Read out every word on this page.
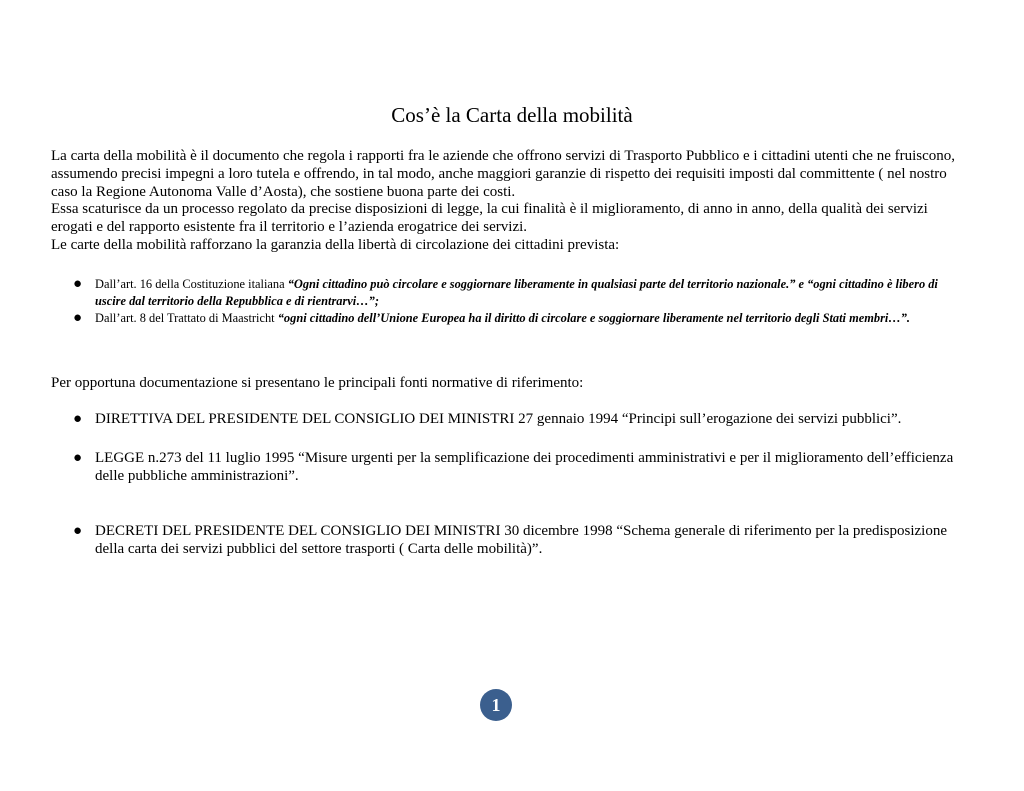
Cos’è la Carta della mobilità

La carta della mobilità è il documento che regola i rapporti fra le aziende che offrono servizi di Trasporto Pubblico e i cittadini utenti che ne fruiscono, assumendo precisi impegni a loro tutela e offrendo, in tal modo, anche maggiori garanzie di rispetto dei requisiti imposti dal committente ( nel nostro caso la Regione Autonoma Valle d’Aosta), che sostiene buona parte dei costi.

Essa scaturisce da un processo regolato da precise disposizioni di legge, la cui finalità è il miglioramento, di anno in anno, della qualità dei servizi erogati e del rapporto esistente fra il territorio e l’azienda erogatrice dei servizi.

Le carte della mobilità rafforzano la garanzia della libertà di circolazione dei cittadini prevista:

● Dall’art. 16 della Costituzione italiana “Ogni cittadino può circolare e soggiornare liberamente in qualsiasi parte del territorio nazionale.” e “ogni cittadino è libero di uscire dal territorio della Repubblica e di rientrarvi…”;
● Dall’art. 8 del Trattato di Maastricht “ogni cittadino dell’Unione Europea ha il diritto di circolare e soggiornare liberamente nel territorio degli Stati membri…”.

Per opportuna documentazione si presentano le principali fonti normative di riferimento:

● DIRETTIVA DEL PRESIDENTE DEL CONSIGLIO DEI MINISTRI 27 gennaio 1994 “Principi sull’erogazione dei servizi pubblici”.
● LEGGE n.273 del 11 luglio 1995 “Misure urgenti per la semplificazione dei procedimenti amministrativi e per il miglioramento dell’efficienza delle pubbliche amministrazioni”.
● DECRETI DEL PRESIDENTE DEL CONSIGLIO DEI MINISTRI 30 dicembre 1998 “Schema generale di riferimento per la predisposizione della carta dei servizi pubblici del settore trasporti ( Carta delle mobilità)”.
1
